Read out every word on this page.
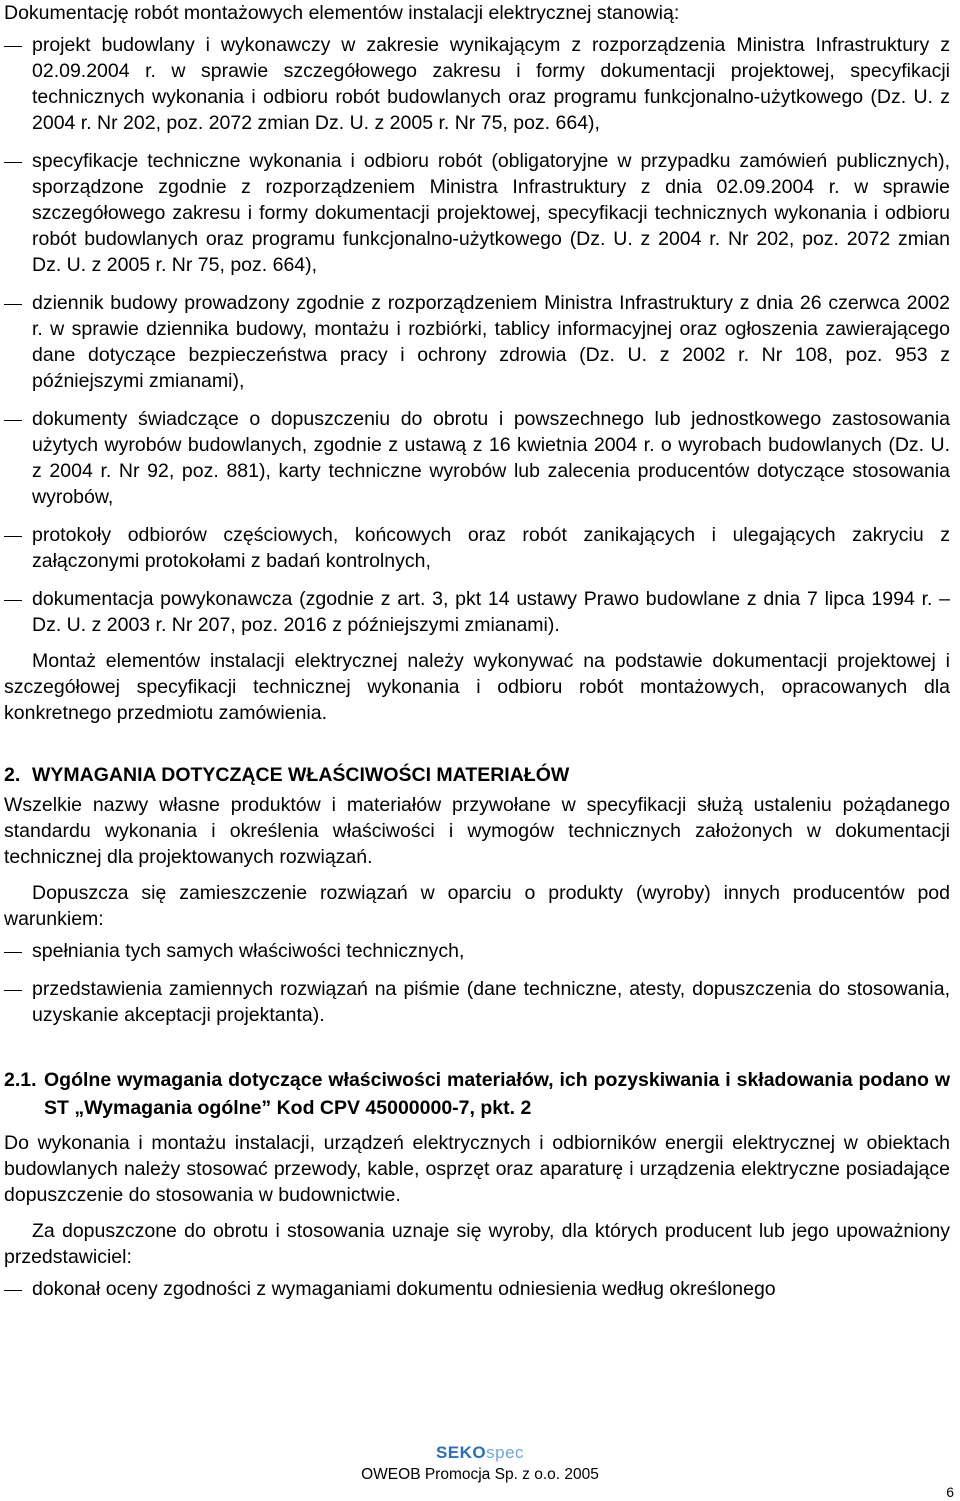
Dokumentację robót montażowych elementów instalacji elektrycznej stanowią:

projekt budowlany i wykonawczy w zakresie wynikającym z rozporządzenia Ministra Infrastruktury z 02.09.2004 r. w sprawie szczegółowego zakresu i formy dokumentacji projektowej, specyfikacji technicznych wykonania i odbioru robót budowlanych oraz programu funkcjonalno-użytkowego (Dz. U. z 2004 r. Nr 202, poz. 2072 zmian Dz. U. z 2005 r. Nr 75, poz. 664),
specyfikacje techniczne wykonania i odbioru robót (obligatoryjne w przypadku zamówień publicznych), sporządzone zgodnie z rozporządzeniem Ministra Infrastruktury z dnia 02.09.2004 r. w sprawie szczegółowego zakresu i formy dokumentacji projektowej, specyfikacji technicznych wykonania i odbioru robót budowlanych oraz programu funkcjonalno-użytkowego (Dz. U. z 2004 r. Nr 202, poz. 2072 zmian Dz. U. z 2005 r. Nr 75, poz. 664),
dziennik budowy prowadzony zgodnie z rozporządzeniem Ministra Infrastruktury z dnia 26 czerwca 2002 r. w sprawie dziennika budowy, montażu i rozbiórki, tablicy informacyjnej oraz ogłoszenia zawierającego dane dotyczące bezpieczeństwa pracy i ochrony zdrowia (Dz. U. z 2002 r. Nr 108, poz. 953 z późniejszymi zmianami),
dokumenty świadczące o dopuszczeniu do obrotu i powszechnego lub jednostkowego zastosowania użytych wyrobów budowlanych, zgodnie z ustawą z 16 kwietnia 2004 r. o wyrobach budowlanych (Dz. U. z 2004 r. Nr 92, poz. 881), karty techniczne wyrobów lub zalecenia producentów dotyczące stosowania wyrobów,
protokoły odbiorów częściowych, końcowych oraz robót zanikających i ulegających zakryciu z załączonymi protokołami z badań kontrolnych,
dokumentacja powykonawcza (zgodnie z art. 3, pkt 14 ustawy Prawo budowlane z dnia 7 lipca 1994 r. – Dz. U. z 2003 r. Nr 207, poz. 2016 z późniejszymi zmianami).

Montaż elementów instalacji elektrycznej należy wykonywać na podstawie dokumentacji projektowej i szczegółowej specyfikacji technicznej wykonania i odbioru robót montażowych, opracowanych dla konkretnego przedmiotu zamówienia.

2. WYMAGANIA DOTYCZĄCE WŁAŚCIWOŚCI MATERIAŁÓW

Wszelkie nazwy własne produktów i materiałów przywołane w specyfikacji służą ustaleniu pożądanego standardu wykonania i określenia właściwości i wymogów technicznych założonych w dokumentacji technicznej dla projektowanych rozwiązań.

Dopuszcza się zamieszczenie rozwiązań w oparciu o produkty (wyroby) innych producentów pod warunkiem:

spełniania tych samych właściwości technicznych,
przedstawienia zamiennych rozwiązań na piśmie (dane techniczne, atesty, dopuszczenia do stosowania, uzyskanie akceptacji projektanta).
2.1. Ogólne wymagania dotyczące właściwości materiałów, ich pozyskiwania i składowania podano w ST „Wymagania ogólne” Kod CPV 45000000-7, pkt. 2

Do wykonania i montażu instalacji, urządzeń elektrycznych i odbiorników energii elektrycznej w obiektach budowlanych należy stosować przewody, kable, osprzęt oraz aparaturę i urządzenia elektryczne posiadające dopuszczenie do stosowania w budownictwie.

Za dopuszczone do obrotu i stosowania uznaje się wyroby, dla których producent lub jego upoważniony przedstawiciel:

dokonał oceny zgodności z wymaganiami dokumentu odniesienia według określonego
SEKOspec
OWEOB Promocja Sp. z o.o. 2005
6
